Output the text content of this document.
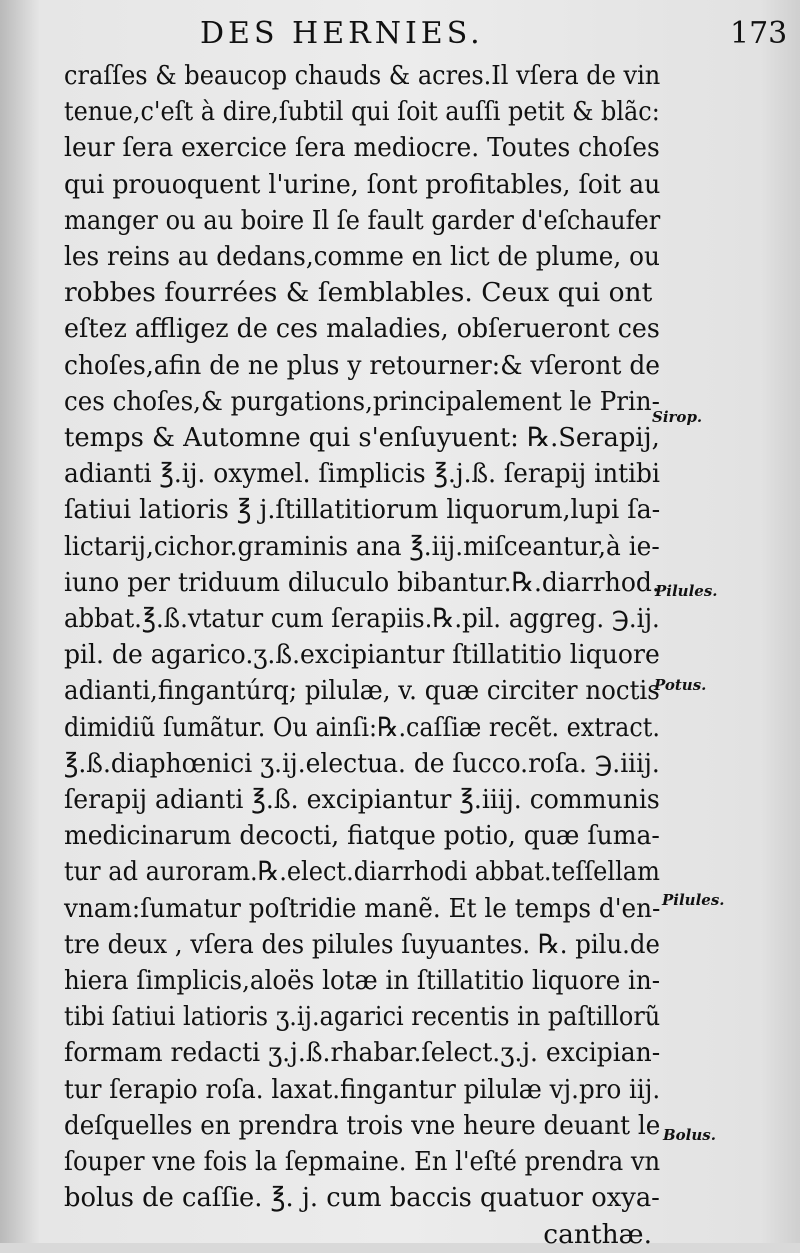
DES HERNIES.	173
craſſes & beaucop chauds & acres.Il vſera de vin
tenue,c'eſt à dire,ſubtil qui ſoit auſſi petit & blãc:
leur ſera exercice ſera mediocre. Toutes choſes
qui prouoquent l'urine, ſont profitables, ſoit au
manger ou au boire Il ſe fault garder d'eſchaufer
les reins au dedans,comme en lict de plume, ou
robbes fourrées & ſemblables. Ceux qui ont
eſtez affligez de ces maladies, obſerueront ces
choſes,afin de ne plus y retourner:& vſeront de
ces choſes,& purgations,principalement le Prin-
temps & Automne qui s'enſuyuent: ℞.Serapij,
adianti ℥.ij. oxymel. ſimplicis ℥.j.ß. ſerapij intibi
ſatiui latioris ℥ j.ſtillatitiorum liquorum,lupi ſa-
lictarij,cichor.graminis ana ℥.iij.miſceantur,à ie-
iuno per triduum diluculo bibantur.℞.diarrhod.
abbat.℥.ß.vtatur cum ſerapiis.℞.pil. aggreg. ℈.ij.
pil. de agarico.ʒ.ß.excipiantur ſtillatitio liquore
adianti,fingantúrq; pilulæ, v. quæ circiter noctis
dimidiũ ſumãtur. Ou ainſi:℞.caſſiæ recẽt. extract.
℥.ß.diaphœnici ʒ.ij.electua. de ſucco.roſa. ℈.iiij.
ſerapij adianti ℥.ß. excipiantur ℥.iiij. communis
medicinarum decocti, fiatque potio, quæ ſuma-
tur ad auroram.℞.elect.diarrhodi abbat.teſſellam
vnam:ſumatur poſtridie manẽ. Et le temps d'en-
tre deux , vſera des pilules ſuyuantes. ℞. pilu.de
hiera ſimplicis,aloës lotæ in ſtillatitio liquore in-
tibi ſatiui latioris ʒ.ij.agarici recentis in paſtillorũ
formam redacti ʒ.j.ß.rhabar.ſelect.ʒ.j. excipian-
tur ſerapio roſa. laxat.fingantur pilulæ vj.pro iij.
deſquelles en prendra trois vne heure deuant le
ſouper vne fois la ſepmaine. En l'eſté prendra vn
bolus de caſſie. ℥. j. cum baccis quatuor oxya-
canthæ.
Sirop.
Pilules.
Potus.
Pilules.
Bolus.
